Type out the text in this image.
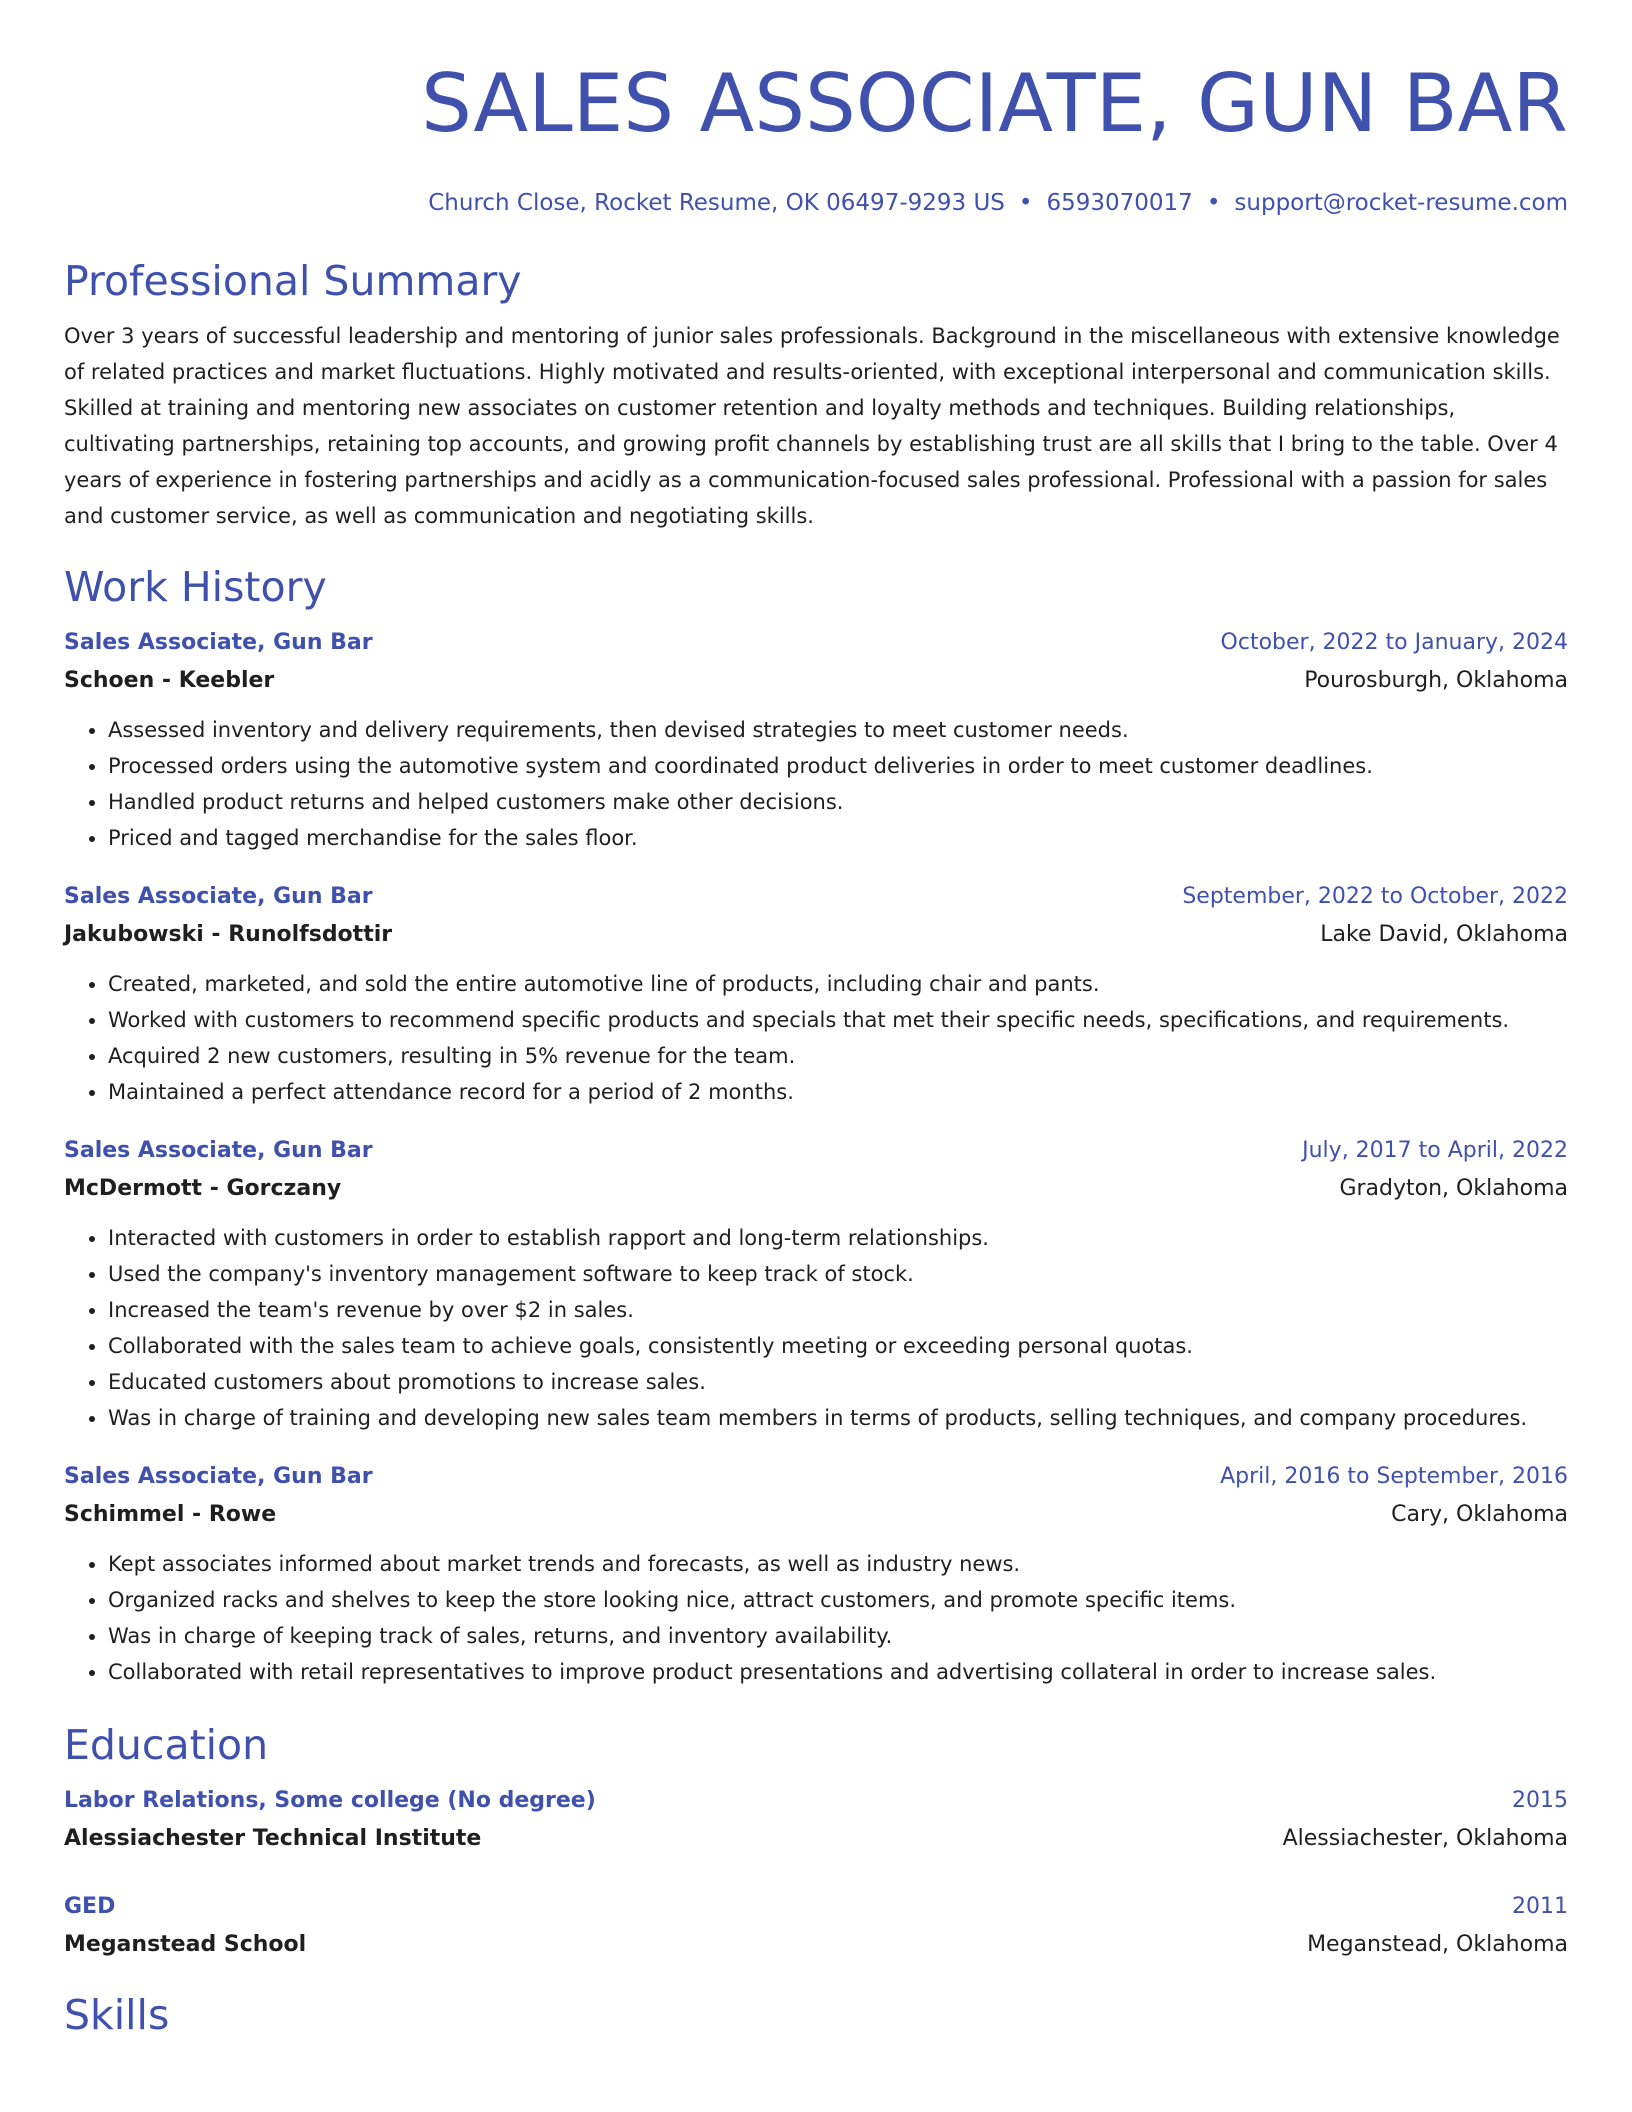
SALES ASSOCIATE, GUN BAR
Church Close, Rocket Resume, OK 06497-9293 US • 6593070017 • support@rocket-resume.com
Professional Summary

Over 3 years of successful leadership and mentoring of junior sales professionals. Background in the miscellaneous with extensive knowledge of related practices and market fluctuations. Highly motivated and results-oriented, with exceptional interpersonal and communication skills. Skilled at training and mentoring new associates on customer retention and loyalty methods and techniques. Building relationships, cultivating partnerships, retaining top accounts, and growing profit channels by establishing trust are all skills that I bring to the table. Over 4 years of experience in fostering partnerships and acidly as a communication-focused sales professional. Professional with a passion for sales and customer service, as well as communication and negotiating skills.

Work History
Sales Associate, Gun Bar	October, 2022 to January, 2024
Schoen - Keebler	Pourosburgh, Oklahoma
• Assessed inventory and delivery requirements, then devised strategies to meet customer needs.
• Processed orders using the automotive system and coordinated product deliveries in order to meet customer deadlines.
• Handled product returns and helped customers make other decisions.
• Priced and tagged merchandise for the sales floor.
Sales Associate, Gun Bar	September, 2022 to October, 2022
Jakubowski - Runolfsdottir	Lake David, Oklahoma
• Created, marketed, and sold the entire automotive line of products, including chair and pants.
• Worked with customers to recommend specific products and specials that met their specific needs, specifications, and requirements.
• Acquired 2 new customers, resulting in 5% revenue for the team.
• Maintained a perfect attendance record for a period of 2 months.
Sales Associate, Gun Bar	July, 2017 to April, 2022
McDermott - Gorczany	Gradyton, Oklahoma
• Interacted with customers in order to establish rapport and long-term relationships.
• Used the company's inventory management software to keep track of stock.
• Increased the team's revenue by over $2 in sales.
• Collaborated with the sales team to achieve goals, consistently meeting or exceeding personal quotas.
• Educated customers about promotions to increase sales.
• Was in charge of training and developing new sales team members in terms of products, selling techniques, and company procedures.
Sales Associate, Gun Bar	April, 2016 to September, 2016
Schimmel - Rowe	Cary, Oklahoma
• Kept associates informed about market trends and forecasts, as well as industry news.
• Organized racks and shelves to keep the store looking nice, attract customers, and promote specific items.
• Was in charge of keeping track of sales, returns, and inventory availability.
• Collaborated with retail representatives to improve product presentations and advertising collateral in order to increase sales.
Education
Labor Relations, Some college (No degree)	2015
Alessiachester Technical Institute	Alessiachester, Oklahoma
GED	2011
Meganstead School	Meganstead, Oklahoma
Skills
